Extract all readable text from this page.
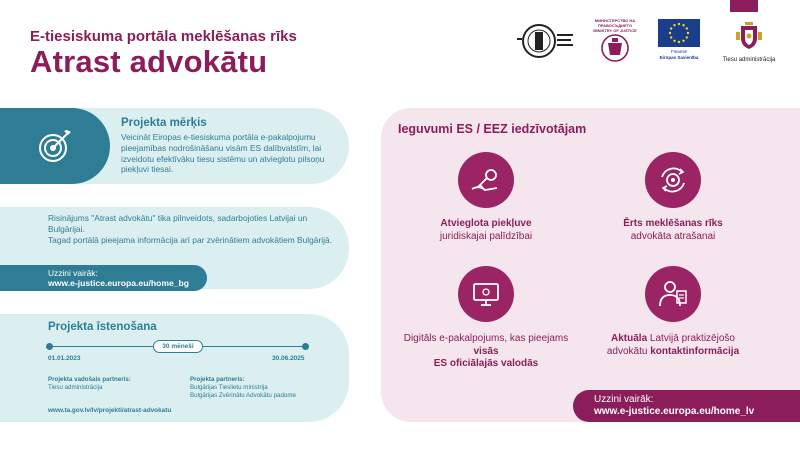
E-tiesiskuma portāla meklēšanas rīks
Atrast advokātu
МИНИСТЕРСТВО НА ПРАВОСЪДИЕТО
MINISTRY OF JUSTICE
Finansē
Eiropas Savienība	Tiesu administrācija
Projekta mērķis
Veicināt Eiropas e-tiesiskuma portāla e-pakalpojumu pieejamības nodrošināšanu visām ES dalībvalstīm, lai izveidotu efektīvāku tiesu sistēmu un atvieglotu pilsoņu piekļuvi tiesai.
Risinājums "Atrast advokātu" tika pilnveidots, sadarbojoties Latvijai un Bulgārijai.
Tagad portālā pieejama informācija arī par zvērinātiem advokātiem Bulgārijā.
Uzzini vairāk:
www.e-justice.europa.eu/home_bg
Projekta īstenošana
30 mēneši
01.01.2023	30.06.2025
Projekta vadošais partneris:
Tiesu administrācija
Projekta partneris:
Bulgārijas Tieslietu ministrija
Bulgārijas Zvērinātu Advokātu padome
www.ta.gov.lv/lv/projekti/atrast-advokatu
Ieguvumi ES / EEZ iedzīvotājam
Atvieglota piekļuve
juridiskajai palīdzībai
Ērts meklēšanas rīks
advokāta atrašanai
Digitāls e-pakalpojums, kas pieejams visās
ES oficiālajās valodās
Aktuāla Latvijā praktizējošo advokātu kontaktinformācija
Uzzini vairāk:
www.e-justice.europa.eu/home_lv
